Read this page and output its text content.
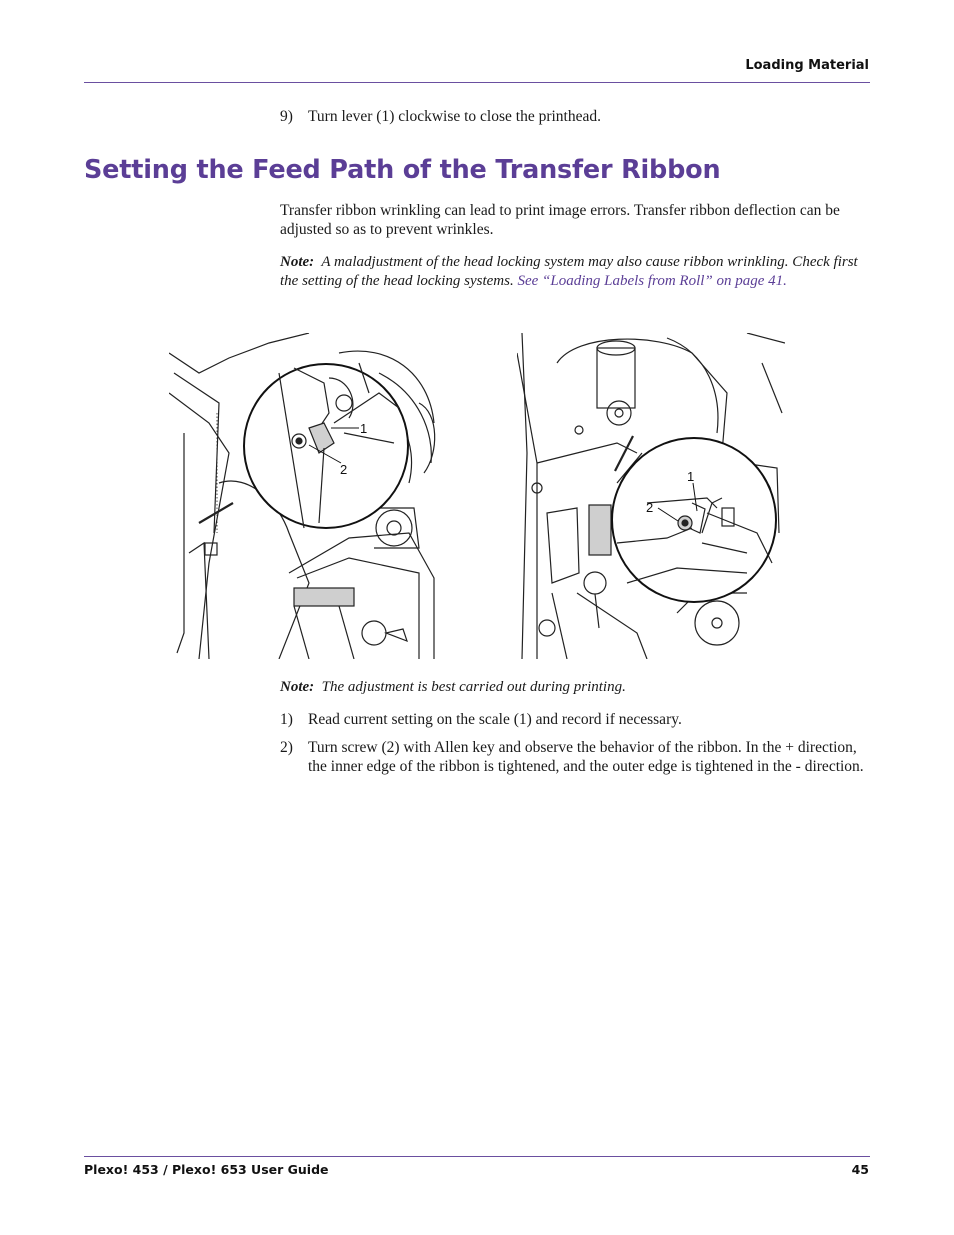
Loading Material
9) Turn lever (1) clockwise to close the printhead.
Setting the Feed Path of the Transfer Ribbon

Transfer ribbon wrinkling can lead to print image errors. Transfer ribbon deflection can be adjusted so as to prevent wrinkles.

Note: A maladjustment of the head locking system may also cause ribbon wrinkling. Check first the setting of the head locking systems. See “Loading Labels from Roll” on page 41.

1
2	1
2

Note: The adjustment is best carried out during printing.

1) Read current setting on the scale (1) and record if necessary.
2) Turn screw (2) with Allen key and observe the behavior of the ribbon. In the + direction, the inner edge of the ribbon is tightened, and the outer edge is tightened in the - direction.
Plexo! 453 / Plexo! 653 User Guide	45
